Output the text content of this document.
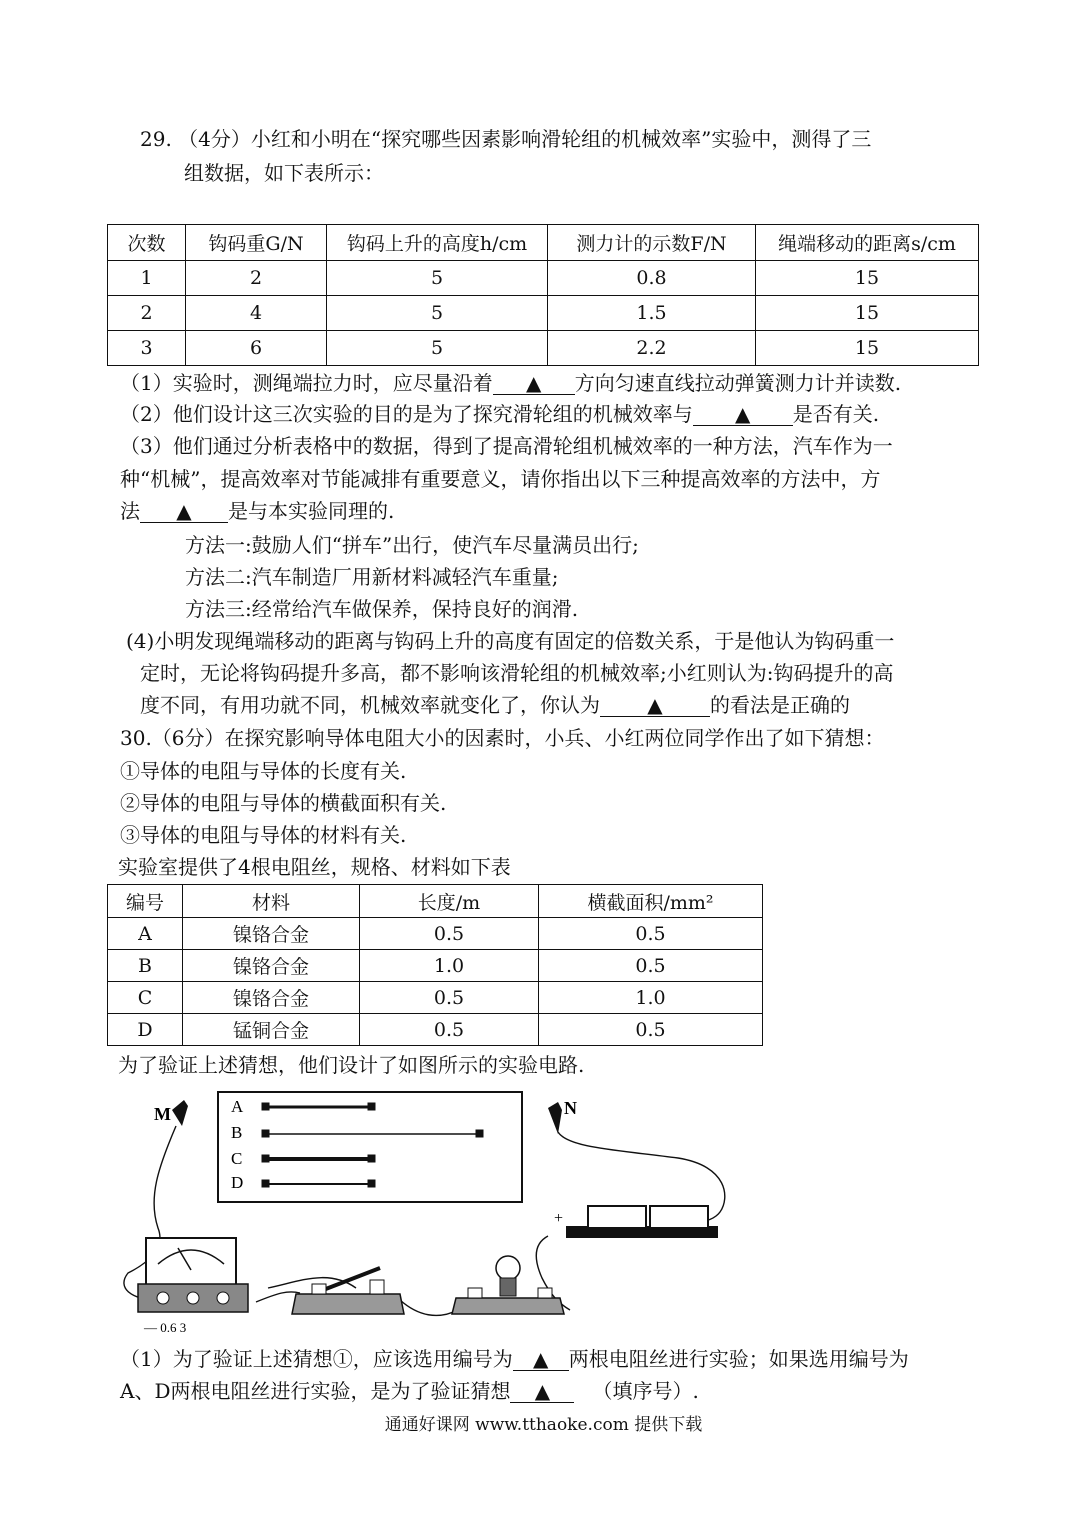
29. （4分）小红和小明在“探究哪些因素影响滑轮组的机械效率”实验中，测得了三
组数据，如下表所示：
次数	钩码重G/N	钩码上升的高度h/cm	测力计的示数F/N	绳端移动的距离s/cm
1	2	5	0.8	15
2	4	5	1.5	15
3	6	5	2.2	15
（1）实验时，测绳端拉力时，应尽量沿着 ▲ 方向匀速直线拉动弹簧测力计并读数.
（2）他们设计这三次实验的目的是为了探究滑轮组的机械效率与 ▲ 是否有关.
（3）他们通过分析表格中的数据，得到了提高滑轮组机械效率的一种方法，汽车作为一
种“机械”，提高效率对节能减排有重要意义，请你指出以下三种提高效率的方法中，方
法 ▲ 是与本实验同理的.
方法一:鼓励人们“拼车”出行，使汽车尽量满员出行;
方法二:汽车制造厂用新材料减轻汽车重量;
方法三:经常给汽车做保养，保持良好的润滑.
(4)小明发现绳端移动的距离与钩码上升的高度有固定的倍数关系，于是他认为钩码重一
定时，无论将钩码提升多高，都不影响该滑轮组的机械效率;小红则认为:钩码提升的高
度不同，有用功就不同，机械效率就变化了，你认为 ▲ 的看法是正确的
30.（6分）在探究影响导体电阻大小的因素时，小兵、小红两位同学作出了如下猜想：
①导体的电阻与导体的长度有关.
②导体的电阻与导体的横截面积有关.
③导体的电阻与导体的材料有关.
实验室提供了4根电阻丝，规格、材料如下表
编号	材料	长度/m	横截面积/mm²
A	镍铬合金	0.5	0.5
B	镍铬合金	1.0	0.5
C	镍铬合金	0.5	1.0
D	锰铜合金	0.5	0.5
为了验证上述猜想，他们设计了如图所示的实验电路.
A
B
C
D
M	N
+
— 0.6 3
（1）为了验证上述猜想①，应该选用编号为 ▲ 两根电阻丝进行实验；如果选用编号为
A、D两根电阻丝进行实验，是为了验证猜想 ▲ （填序号）.
通通好课网 www.tthaoke.com 提供下载
